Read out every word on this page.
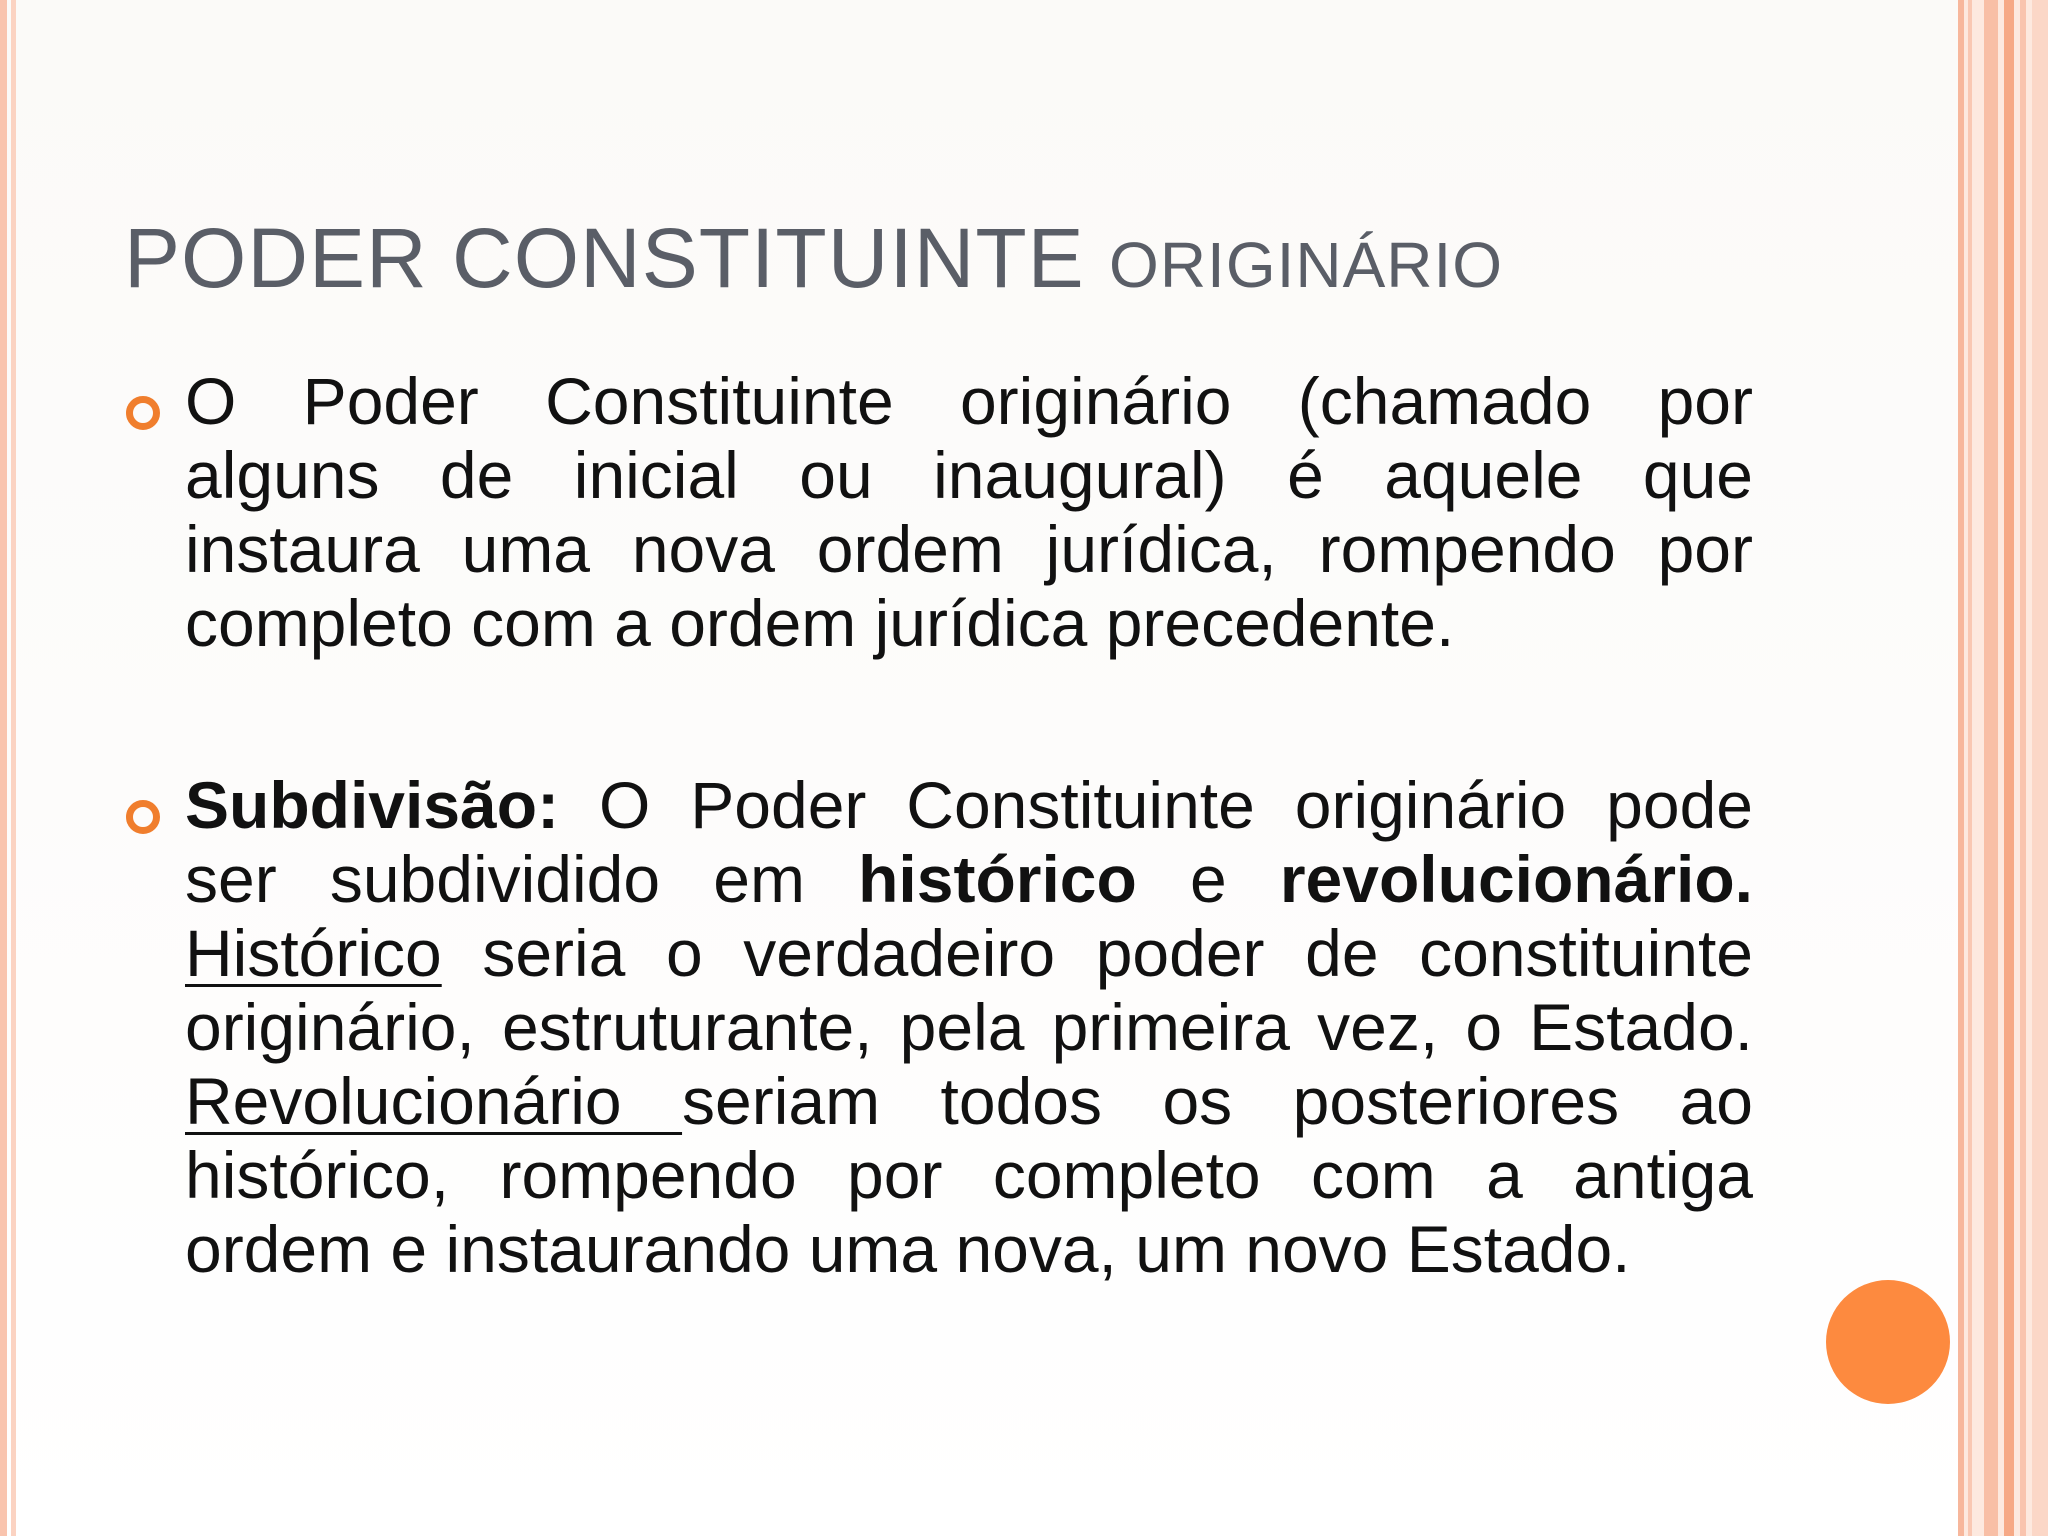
PODER CONSTITUINTE ORIGINÁRIO
O Poder Constituinte originário (chamado por
alguns de inicial ou inaugural) é aquele que
instaura uma nova ordem jurídica, rompendo por
completo com a ordem jurídica precedente.
Subdivisão: O Poder Constituinte originário pode
ser subdividido em histórico e revolucionário.
Histórico seria o verdadeiro poder de constituinte
originário, estruturante, pela primeira vez, o Estado.
Revolucionário seriam todos os posteriores ao
histórico, rompendo por completo com a antiga
ordem e instaurando uma nova, um novo Estado.
